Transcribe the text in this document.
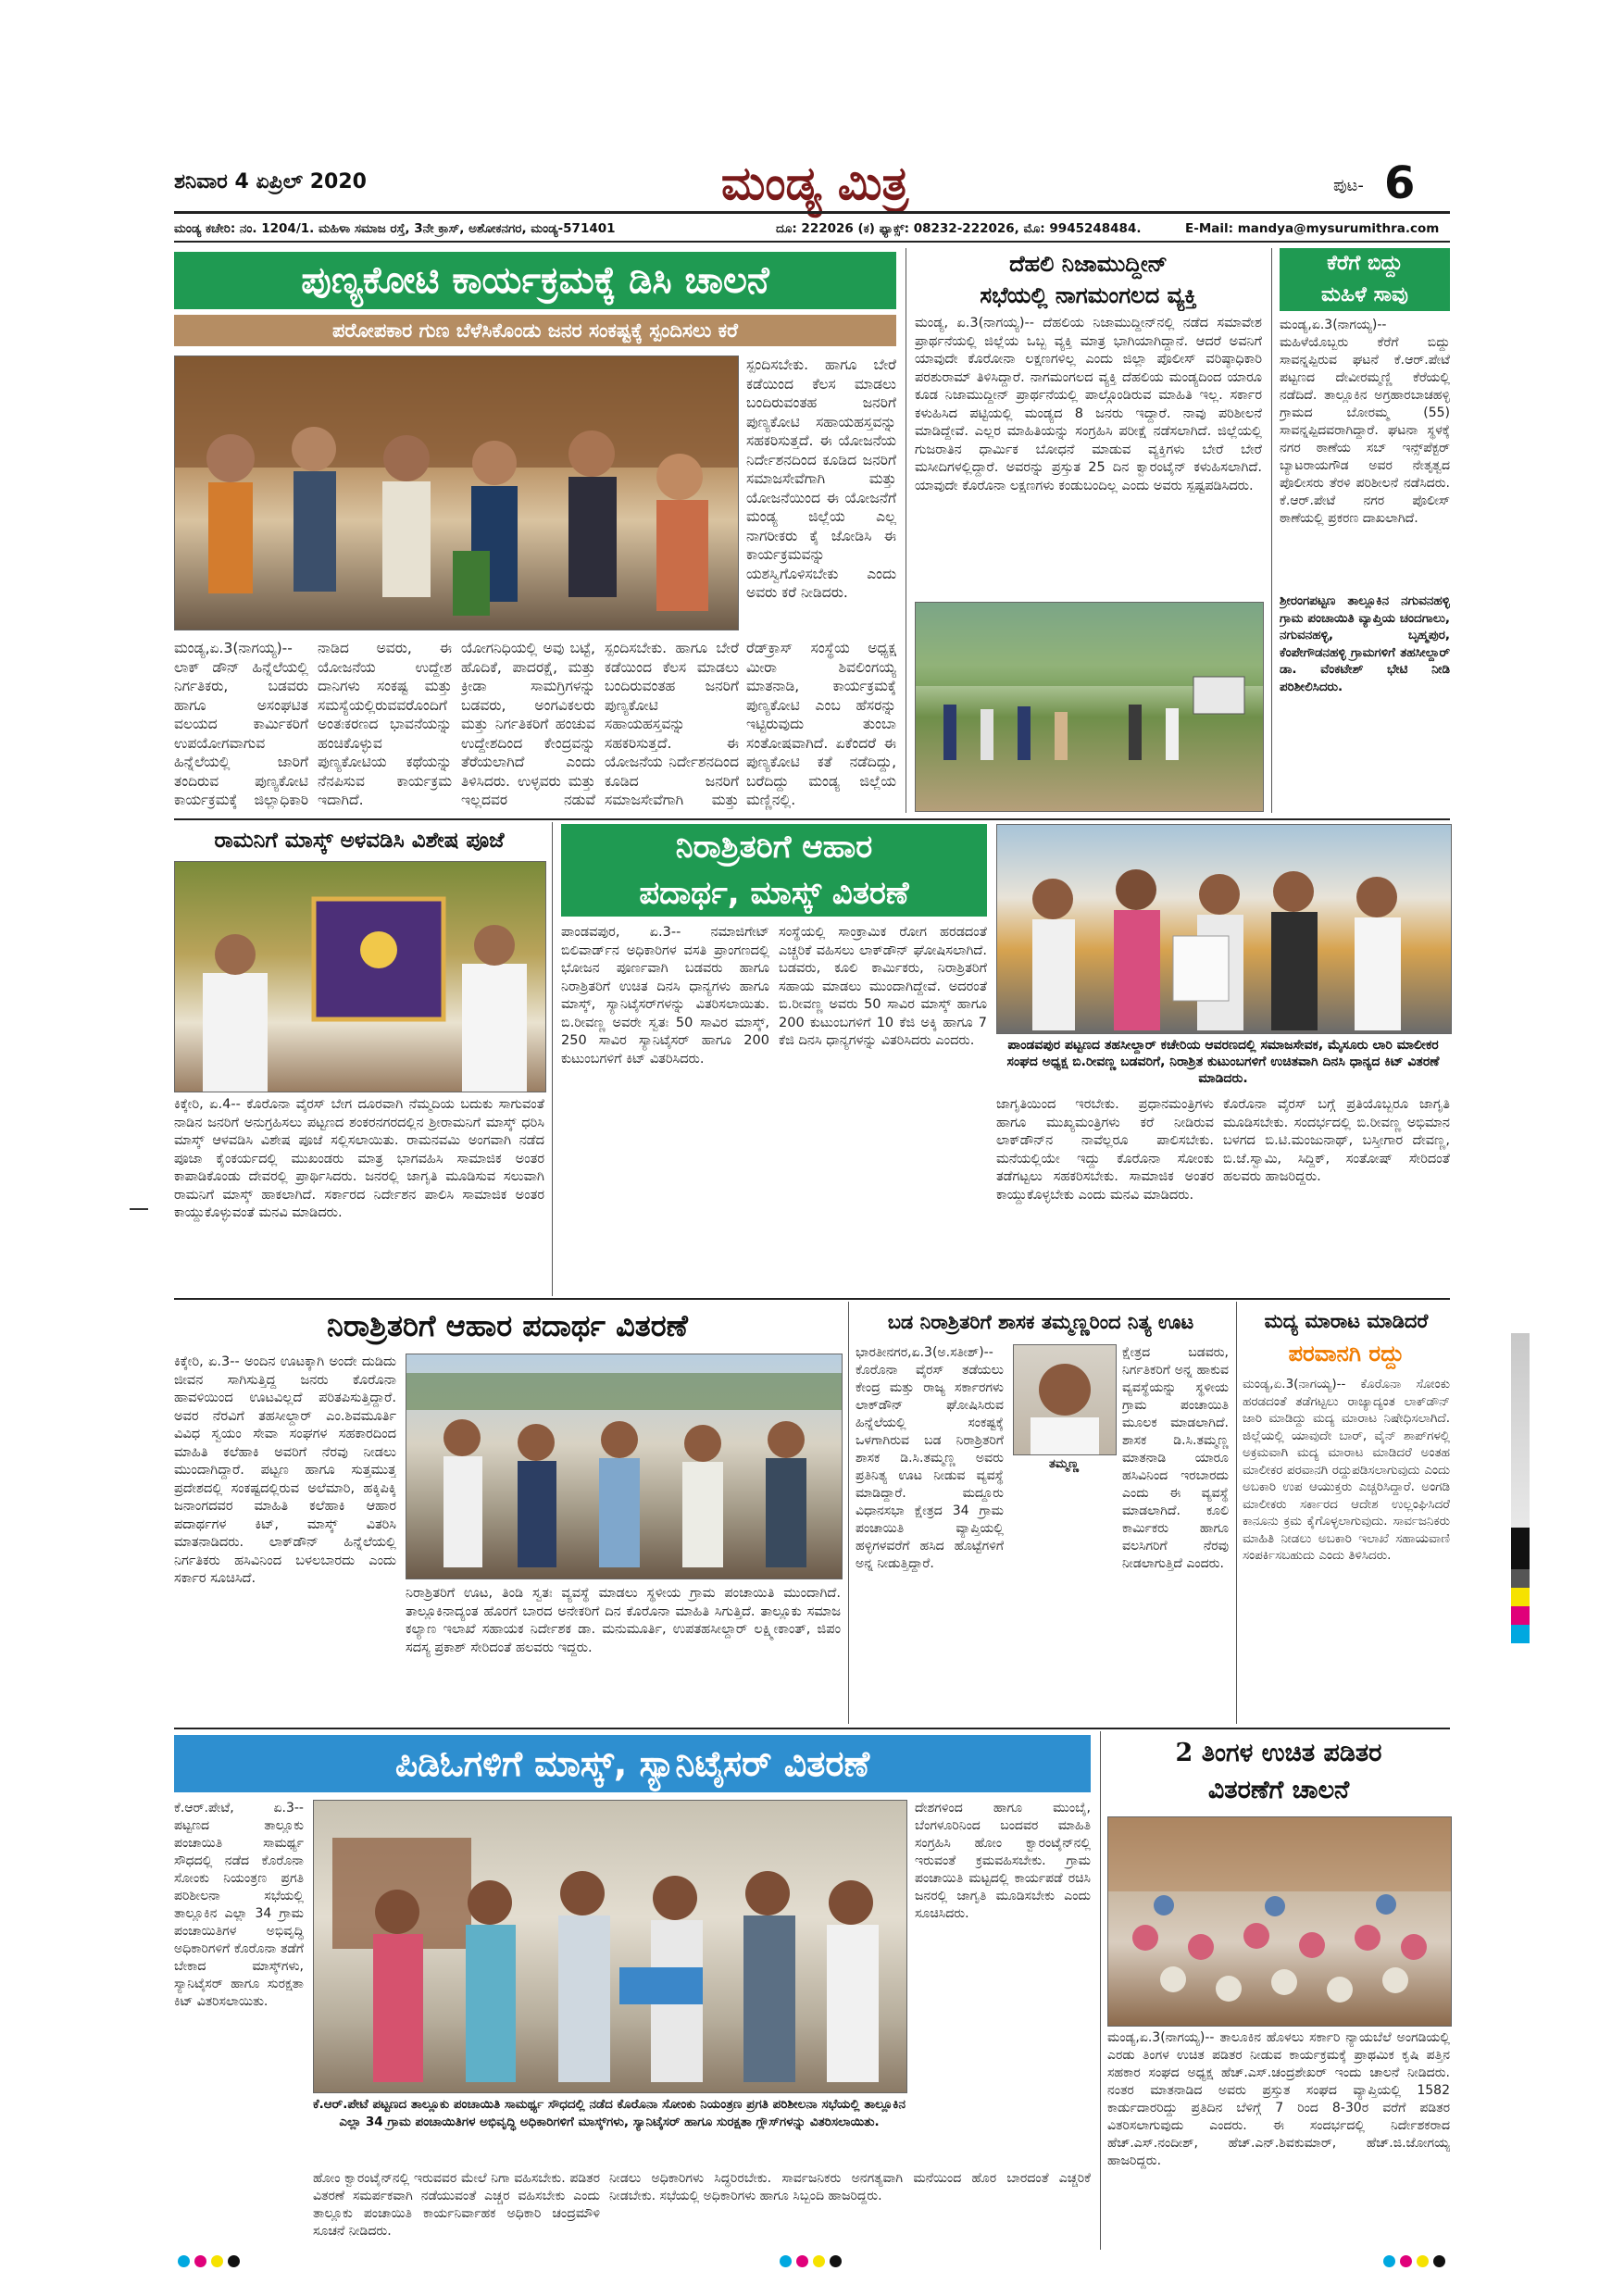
ಶನಿವಾರ 4 ಏಪ್ರಿಲ್ 2020	ಮಂಡ್ಯ ಮಿತ್ರ	ಪುಟ- 6
ಮಂಡ್ಯ ಕಚೇರಿ: ನಂ. 1204/1. ಮಹಿಳಾ ಸಮಾಜ ರಸ್ತೆ, 3ನೇ ಕ್ರಾಸ್, ಅಶೋಕನಗರ, ಮಂಡ್ಯ-571401	ದೂ: 222026 (ಕ) ಫ್ಯಾಕ್ಸ್: 08232-222026, ಮೊ: 9945248484.	E-Mail: mandya@mysurumithra.com
ಪುಣ್ಯಕೋಟಿ ಕಾರ್ಯಕ್ರಮಕ್ಕೆ ಡಿಸಿ ಚಾಲನೆ
ಪರೋಪಕಾರ ಗುಣ ಬೆಳೆಸಿಕೊಂಡು ಜನರ ಸಂಕಷ್ಟಕ್ಕೆ ಸ್ಪಂದಿಸಲು ಕರೆ
ಸ್ಪಂದಿಸಬೇಕು. ಹಾಗೂ ಬೇರೆ ಕಡೆಯಿಂದ ಕೆಲಸ ಮಾಡಲು ಬಂದಿರುವಂತಹ ಜನರಿಗೆ ಪುಣ್ಯಕೋಟಿ ಸಹಾಯಹಸ್ತವನ್ನು ಸಹಕರಿಸುತ್ತದೆ. ಈ ಯೋಜನೆಯ ನಿರ್ದೇಶನದಿಂದ ಕೂಡಿದ ಜನರಿಗೆ ಸಮಾಜಸೇವೆಗಾಗಿ ಮತ್ತು ಯೋಜನೆಯಿಂದ ಈ ಯೋಜನೆಗೆ ಮಂಡ್ಯ ಜಿಲ್ಲೆಯ ಎಲ್ಲ ನಾಗರೀಕರು ಕೈ ಜೋಡಿಸಿ ಈ ಕಾರ್ಯಕ್ರಮವನ್ನು ಯಶಸ್ವಿಗೊಳಿಸಬೇಕು ಎಂದು ಅವರು ಕರೆ ನೀಡಿದರು.
ಮಂಡ್ಯ,ಏ.3(ನಾಗಯ್ಯ)--ಲಾಕ್ ಡೌನ್ ಹಿನ್ನೆಲೆಯಲ್ಲಿ ನಿರ್ಗತಿಕರು, ಬಡವರು ಹಾಗೂ ಅಸಂಘಟಿತ ವಲಯದ ಕಾರ್ಮಿಕರಿಗೆ ಉಪಯೋಗವಾಗುವ ಹಿನ್ನೆಲೆಯಲ್ಲಿ ಜಾರಿಗೆ ತಂದಿರುವ ಪುಣ್ಯಕೋಟಿ ಕಾರ್ಯಕ್ರಮಕ್ಕೆ ಜಿಲ್ಲಾಧಿಕಾರಿ
ನಾಡಿದ ಅವರು, ಈ ಯೋಜನೆಯ ಉದ್ದೇಶ ದಾನಿಗಳು ಸಂಕಷ್ಟ ಮತ್ತು ಸಮಸ್ಯೆಯಲ್ಲಿರುವವರೊಂದಿಗೆ ಅಂತಃಕರಣದ ಭಾವನೆಯನ್ನು ಹಂಚಿಕೊಳ್ಳುವ ಪುಣ್ಯಕೋಟಿಯ ಕಥೆಯನ್ನು ನೆನಪಿಸುವ ಕಾರ್ಯಕ್ರಮ ಇದಾಗಿದೆ.
ಯೋಗನಿಧಿಯಲ್ಲಿ ಅವು ಬಟ್ಟೆ, ಹೊದಿಕೆ, ಪಾದರಕ್ಷೆ, ಮತ್ತು ಕ್ರೀಡಾ ಸಾಮಗ್ರಿಗಳನ್ನು ಬಡವರು, ಅಂಗವಿಕಲರು ಮತ್ತು ನಿರ್ಗತಿಕರಿಗೆ ಹಂಚುವ ಉದ್ದೇಶದಿಂದ ಕೇಂದ್ರವನ್ನು ತೆರೆಯಲಾಗಿದೆ ಎಂದು ತಿಳಿಸಿದರು. ಉಳ್ಳವರು ಮತ್ತು ಇಲ್ಲದವರ ನಡುವೆ
ರೆಡ್‌ಕ್ರಾಸ್ ಸಂಸ್ಥೆಯ ಅಧ್ಯಕ್ಷ ಮೀರಾ ಶಿವಲಿಂಗಯ್ಯ ಮಾತನಾಡಿ, ಕಾರ್ಯಕ್ರಮಕ್ಕೆ ಪುಣ್ಯಕೋಟಿ ಎಂಬ ಹೆಸರನ್ನು ಇಟ್ಟಿರುವುದು ತುಂಬಾ ಸಂತೋಷವಾಗಿದೆ. ಏಕೆಂದರೆ ಈ ಪುಣ್ಯಕೋಟಿ ಕತೆ ನಡೆದಿದ್ದು, ಬರೆದಿದ್ದು ಮಂಡ್ಯ ಜಿಲ್ಲೆಯ ಮಣ್ಣಿನಲ್ಲಿ.
ಸ್ಪಂದಿಸಬೇಕು. ಹಾಗೂ ಬೇರೆ ಕಡೆಯಿಂದ ಕೆಲಸ ಮಾಡಲು ಬಂದಿರುವಂತಹ ಜನರಿಗೆ ಪುಣ್ಯಕೋಟಿ ಸಹಾಯಹಸ್ತವನ್ನು ಸಹಕರಿಸುತ್ತದೆ. ಈ ಯೋಜನೆಯ ನಿರ್ದೇಶನದಿಂದ ಕೂಡಿದ ಜನರಿಗೆ ಸಮಾಜಸೇವೆಗಾಗಿ ಮತ್ತು
ದೆಹಲಿ ನಿಜಾಮುದ್ದೀನ್
ಸಭೆಯಲ್ಲಿ ನಾಗಮಂಗಲದ ವ್ಯಕ್ತಿ
ಮಂಡ್ಯ, ಏ.3(ನಾಗಯ್ಯ)-- ದೆಹಲಿಯ ನಿಜಾಮುದ್ದೀನ್‌ನಲ್ಲಿ ನಡೆದ ಸಮಾವೇಶ ಪ್ರಾರ್ಥನೆಯಲ್ಲಿ ಜಿಲ್ಲೆಯ ಒಬ್ಬ ವ್ಯಕ್ತಿ ಮಾತ್ರ ಭಾಗಿಯಾಗಿದ್ದಾನೆ. ಆದರೆ ಅವನಿಗೆ ಯಾವುದೇ ಕೊರೋನಾ ಲಕ್ಷಣಗಳಿಲ್ಲ ಎಂದು ಜಿಲ್ಲಾ ಪೊಲೀಸ್ ವರಿಷ್ಠಾಧಿಕಾರಿ ಪರಶುರಾಮ್ ತಿಳಿಸಿದ್ದಾರೆ. ನಾಗಮಂಗಲದ ವ್ಯಕ್ತಿ ದೆಹಲಿಯ ಮಂಡ್ಯದಿಂದ ಯಾರೂ ಕೂಡ ನಿಜಾಮುದ್ದೀನ್ ಪ್ರಾರ್ಥನೆಯಲ್ಲಿ ಪಾಲ್ಗೊಂಡಿರುವ ಮಾಹಿತಿ ಇಲ್ಲ. ಸರ್ಕಾರ ಕಳುಹಿಸಿದ ಪಟ್ಟಿಯಲ್ಲಿ ಮಂಡ್ಯದ 8 ಜನರು ಇದ್ದಾರೆ. ನಾವು ಪರಿಶೀಲನೆ ಮಾಡಿದ್ದೇವೆ. ಎಲ್ಲರ ಮಾಹಿತಿಯನ್ನು ಸಂಗ್ರಹಿಸಿ ಪರೀಕ್ಷೆ ನಡೆಸಲಾಗಿದೆ. ಜಿಲ್ಲೆಯಲ್ಲಿ ಗುಜರಾತಿನ ಧಾರ್ಮಿಕ ಬೋಧನೆ ಮಾಡುವ ವ್ಯಕ್ತಿಗಳು ಬೇರೆ ಬೇರೆ ಮಸೀದಿಗಳಲ್ಲಿದ್ದಾರೆ. ಅವರನ್ನು ಪ್ರಸ್ತುತ 25 ದಿನ ಕ್ವಾರಂಟೈನ್ ಕಳುಹಿಸಲಾಗಿದೆ. ಯಾವುದೇ ಕೊರೊನಾ ಲಕ್ಷಣಗಳು ಕಂಡುಬಂದಿಲ್ಲ ಎಂದು ಅವರು ಸ್ಪಷ್ಟಪಡಿಸಿದರು.
ಕೆರೆಗೆ ಬಿದ್ದು
ಮಹಿಳೆ ಸಾವು
ಮಂಡ್ಯ,ಏ.3(ನಾಗಯ್ಯ)-- ಮಹಿಳೆಯೊಬ್ಬರು ಕೆರೆಗೆ ಬಿದ್ದು ಸಾವನ್ನಪ್ಪಿರುವ ಘಟನೆ ಕೆ.ಆರ್.ಪೇಟೆ ಪಟ್ಟಣದ ದೇವೀರಮ್ಮಣ್ಣಿ ಕೆರೆಯಲ್ಲಿ ನಡೆದಿದೆ. ತಾಲ್ಲೂಕಿನ ಅಗ್ರಹಾರಬಾಚಹಳ್ಳಿ ಗ್ರಾಮದ ಬೋರಮ್ಮ (55) ಸಾವನ್ನಪ್ಪಿದವರಾಗಿದ್ದಾರೆ. ಘಟನಾ ಸ್ಥಳಕ್ಕೆ ನಗರ ಠಾಣೆಯ ಸಬ್ ಇನ್ಸ್‌ಪೆಕ್ಟರ್ ಬ್ಯಾಟರಾಯಗೌಡ ಅವರ ನೇತೃತ್ವದ ಪೊಲೀಸರು ತೆರಳಿ ಪರಿಶೀಲನೆ ನಡೆಸಿದರು. ಕೆ.ಆರ್.ಪೇಟೆ ನಗರ ಪೊಲೀಸ್ ಠಾಣೆಯಲ್ಲಿ ಪ್ರಕರಣ ದಾಖಲಾಗಿದೆ.
ಶ್ರೀರಂಗಪಟ್ಟಣ ತಾಲ್ಲೂಕಿನ ನಗುವನಹಳ್ಳಿ ಗ್ರಾಮ ಪಂಚಾಯಿತಿ ವ್ಯಾಪ್ತಿಯ ಚಂದಗಾಲು, ನಗುವನಹಳ್ಳಿ, ಬೃಹ್ಮಪುರ, ಕೆಂಪೇಗೌಡನಹಳ್ಳಿ ಗ್ರಾಮಗಳಿಗೆ ತಹಸೀಲ್ದಾರ್ ಡಾ. ವೆಂಕಟೇಶ್ ಭೇಟಿ ನೀಡಿ ಪರಿಶೀಲಿಸಿದರು.
ರಾಮನಿಗೆ ಮಾಸ್ಕ್ ಅಳವಡಿಸಿ ವಿಶೇಷ ಪೂಜೆ
ಕಿಕ್ಕೇರಿ, ಏ.4-- ಕೊರೊನಾ ವೈರಸ್ ಬೇಗ ದೂರವಾಗಿ ನೆಮ್ಮದಿಯ ಬದುಕು ಸಾಗುವಂತೆ ನಾಡಿನ ಜನರಿಗೆ ಅನುಗ್ರಹಿಸಲು ಪಟ್ಟಣದ ಶಂಕರನಗರದಲ್ಲಿನ ಶ್ರೀರಾಮನಿಗೆ ಮಾಸ್ಕ್ ಧರಿಸಿ ಮಾಸ್ಕ್ ಆಳವಡಿಸಿ ವಿಶೇಷ ಪೂಜೆ ಸಲ್ಲಿಸಲಾಯಿತು. ರಾಮನವಮಿ ಅಂಗವಾಗಿ ನಡೆದ ಪೂಜಾ ಕೈಂಕರ್ಯದಲ್ಲಿ ಮುಖಂಡರು ಮಾತ್ರ ಭಾಗವಹಿಸಿ ಸಾಮಾಜಿಕ ಅಂತರ ಕಾಪಾಡಿಕೊಂಡು ದೇವರಲ್ಲಿ ಪ್ರಾರ್ಥಿಸಿದರು. ಜನರಲ್ಲಿ ಜಾಗೃತಿ ಮೂಡಿಸುವ ಸಲುವಾಗಿ ರಾಮನಿಗೆ ಮಾಸ್ಕ್ ಹಾಕಲಾಗಿದೆ. ಸರ್ಕಾರದ ನಿರ್ದೇಶನ ಪಾಲಿಸಿ ಸಾಮಾಜಿಕ ಅಂತರ ಕಾಯ್ದುಕೊಳ್ಳುವಂತೆ ಮನವಿ ಮಾಡಿದರು.
ನಿರಾಶ್ರಿತರಿಗೆ ಆಹಾರ
ಪದಾರ್ಥ, ಮಾಸ್ಕ್ ವಿತರಣೆ
ಪಾಂಡವಪುರ, ಏ.3-- ನಮಾಜಿಗೇಟ್ ಬಿಲಿವಾರ್ಡ್‌ನ ಅಧಿಕಾರಿಗಳ ವಸತಿ ಪ್ರಾಂಗಣದಲ್ಲಿ ಭೋಜನ ಪೂರ್ಣವಾಗಿ ಬಡವರು ಹಾಗೂ ನಿರಾಶ್ರಿತರಿಗೆ ಉಚಿತ ದಿನಸಿ ಧಾನ್ಯಗಳು ಹಾಗೂ ಮಾಸ್ಕ್, ಸ್ಯಾನಿಟೈಸರ್‌ಗಳನ್ನು ವಿತರಿಸಲಾಯಿತು. ಬಿ.ರೀವಣ್ಣ ಅವರೇ ಸ್ವತಃ 50 ಸಾವಿರ ಮಾಸ್ಕ್, 250 ಸಾವಿರ ಸ್ಯಾನಿಟೈಸರ್ ಹಾಗೂ 200 ಕುಟುಂಬಗಳಿಗೆ ಕಿಟ್ ವಿತರಿಸಿದರು.
ಸಂಸ್ಥೆಯಲ್ಲಿ ಸಾಂಕ್ರಾಮಿಕ ರೋಗ ಹರಡದಂತೆ ಎಚ್ಚರಿಕೆ ವಹಿಸಲು ಲಾಕ್‌ಡೌನ್ ಘೋಷಿಸಲಾಗಿದೆ. ಬಡವರು, ಕೂಲಿ ಕಾರ್ಮಿಕರು, ನಿರಾಶ್ರಿತರಿಗೆ ಸಹಾಯ ಮಾಡಲು ಮುಂದಾಗಿದ್ದೇವೆ. ಅದರಂತೆ ಬಿ.ರೀವಣ್ಣ ಅವರು 50 ಸಾವಿರ ಮಾಸ್ಕ್ ಹಾಗೂ 200 ಕುಟುಂಬಗಳಿಗೆ 10 ಕೆಜಿ ಅಕ್ಕಿ ಹಾಗೂ 7 ಕೆಜಿ ದಿನಸಿ ಧಾನ್ಯಗಳನ್ನು ವಿತರಿಸಿದರು ಎಂದರು.	ಪಾಂಡವಪುರ ಪಟ್ಟಣದ ತಹಸೀಲ್ದಾರ್ ಕಚೇರಿಯ ಆವರಣದಲ್ಲಿ ಸಮಾಜಸೇವಕ, ಮೈಸೂರು ಲಾರಿ ಮಾಲೀಕರ ಸಂಘದ ಅಧ್ಯಕ್ಷ ಬಿ.ರೀವಣ್ಣ ಬಡವರಿಗೆ, ನಿರಾಶ್ರಿತ ಕುಟುಂಬಗಳಿಗೆ ಉಚಿತವಾಗಿ ದಿನಸಿ ಧಾನ್ಯದ ಕಿಟ್ ವಿತರಣೆ ಮಾಡಿದರು.
ಜಾಗೃತಿಯಿಂದ ಇರಬೇಕು. ಪ್ರಧಾನಮಂತ್ರಿಗಳು ಹಾಗೂ ಮುಖ್ಯಮಂತ್ರಿಗಳು ಕರೆ ನೀಡಿರುವ ಲಾಕ್‌ಡೌನ್‌ನ ನಾವೆಲ್ಲರೂ ಪಾಲಿಸಬೇಕು. ಮನೆಯಲ್ಲಿಯೇ ಇದ್ದು ಕೊರೊನಾ ಸೋಂಕು ತಡೆಗಟ್ಟಲು ಸಹಕರಿಸಬೇಕು. ಸಾಮಾಜಿಕ ಅಂತರ ಕಾಯ್ದುಕೊಳ್ಳಬೇಕು ಎಂದು ಮನವಿ ಮಾಡಿದರು.
ಕೊರೊನಾ ವೈರಸ್ ಬಗ್ಗೆ ಪ್ರತಿಯೊಬ್ಬರೂ ಜಾಗೃತಿ ಮೂಡಿಸಬೇಕು. ಸಂದರ್ಭದಲ್ಲಿ ಬಿ.ರೀವಣ್ಣ ಅಭಿಮಾನ ಬಳಗದ ಬಿ.ಟಿ.ಮಂಜುನಾಥ್, ಬಸ್ತೀಗಾರ ದೇವಣ್ಣ, ಬಿ.ಜೆ.ಸ್ವಾಮಿ, ಸಿದ್ದಿಕ್, ಸಂತೋಷ್ ಸೇರಿದಂತೆ ಹಲವರು ಹಾಜರಿದ್ದರು.
ನಿರಾಶ್ರಿತರಿಗೆ ಆಹಾರ ಪದಾರ್ಥ ವಿತರಣೆ
ಕಿಕ್ಕೇರಿ, ಏ.3-- ಅಂದಿನ ಊಟಕ್ಕಾಗಿ ಅಂದೇ ದುಡಿದು ಜೀವನ ಸಾಗಿಸುತ್ತಿದ್ದ ಜನರು ಕೊರೊನಾ ಹಾವಳಿಯಿಂದ ಊಟವಿಲ್ಲದೆ ಪರಿತಪಿಸುತ್ತಿದ್ದಾರೆ. ಅವರ ನೆರವಿಗೆ ತಹಸೀಲ್ದಾರ್ ಎಂ.ಶಿವಮೂರ್ತಿ ವಿವಿಧ ಸ್ವಯಂ ಸೇವಾ ಸಂಘಗಳ ಸಹಕಾರದಿಂದ ಮಾಹಿತಿ ಕಲೆಹಾಕಿ ಅವರಿಗೆ ನೆರವು ನೀಡಲು ಮುಂದಾಗಿದ್ದಾರೆ. ಪಟ್ಟಣ ಹಾಗೂ ಸುತ್ತಮುತ್ತ ಪ್ರದೇಶದಲ್ಲಿ ಸಂಕಷ್ಟದಲ್ಲಿರುವ ಅಲೆಮಾರಿ, ಹಕ್ಕಿಪಿಕ್ಕಿ ಜನಾಂಗದವರ ಮಾಹಿತಿ ಕಲೆಹಾಕಿ ಆಹಾರ ಪದಾರ್ಥಗಳ ಕಿಟ್, ಮಾಸ್ಕ್ ವಿತರಿಸಿ ಮಾತನಾಡಿದರು. ಲಾಕ್‌ಡೌನ್ ಹಿನ್ನೆಲೆಯಲ್ಲಿ ನಿರ್ಗತಿಕರು ಹಸಿವಿನಿಂದ ಬಳಲಬಾರದು ಎಂದು ಸರ್ಕಾರ ಸೂಚಿಸಿದೆ.
ನಿರಾಶ್ರಿತರಿಗೆ ಊಟ, ತಿಂಡಿ ಸ್ವತಃ ವ್ಯವಸ್ಥೆ ಮಾಡಲು ಸ್ಥಳೀಯ ಗ್ರಾಮ ಪಂಚಾಯಿತಿ ಮುಂದಾಗಿದೆ. ತಾಲ್ಲೂಕಿನಾದ್ಯಂತ ಹೊರಗೆ ಬಾರದ ಅನೇಕರಿಗೆ ದಿನ ಕೊರೊನಾ ಮಾಹಿತಿ ಸಿಗುತ್ತಿದೆ. ತಾಲ್ಲೂಕು ಸಮಾಜ ಕಲ್ಯಾಣ ಇಲಾಖೆ ಸಹಾಯಕ ನಿರ್ದೇಶಕ ಡಾ. ಮನುಮೂರ್ತಿ, ಉಪತಹಸೀಲ್ದಾರ್ ಲಕ್ಷ್ಮೀಕಾಂತ್, ಜಿಪಂ ಸದಸ್ಯ ಪ್ರಕಾಶ್ ಸೇರಿದಂತೆ ಹಲವರು ಇದ್ದರು.
ಬಡ ನಿರಾಶ್ರಿತರಿಗೆ ಶಾಸಕ ತಮ್ಮಣ್ಣರಿಂದ ನಿತ್ಯ ಊಟ
ಭಾರತೀನಗರ,ಏ.3(ಅ.ಸತೀಶ್)-- ಕೊರೊನಾ ವೈರಸ್ ತಡೆಯಲು ಕೇಂದ್ರ ಮತ್ತು ರಾಜ್ಯ ಸರ್ಕಾರಗಳು ಲಾಕ್‌ಡೌನ್ ಘೋಷಿಸಿರುವ ಹಿನ್ನೆಲೆಯಲ್ಲಿ ಸಂಕಷ್ಟಕ್ಕೆ ಒಳಗಾಗಿರುವ ಬಡ ನಿರಾಶ್ರಿತರಿಗೆ ಶಾಸಕ ಡಿ.ಸಿ.ತಮ್ಮಣ್ಣ ಅವರು ಪ್ರತಿನಿತ್ಯ ಊಟ ನೀಡುವ ವ್ಯವಸ್ಥೆ ಮಾಡಿದ್ದಾರೆ. ಮದ್ದೂರು ವಿಧಾನಸಭಾ ಕ್ಷೇತ್ರದ 34 ಗ್ರಾಮ ಪಂಚಾಯಿತಿ ವ್ಯಾಪ್ತಿಯಲ್ಲಿ ಹಳ್ಳಿಗಳವರೆಗೆ ಹಸಿದ ಹೊಟ್ಟೆಗಳಿಗೆ ಅನ್ನ ನೀಡುತ್ತಿದ್ದಾರೆ.
ತಮ್ಮಣ್ಣ
ಕ್ಷೇತ್ರದ ಬಡವರು, ನಿರ್ಗತಿಕರಿಗೆ ಅನ್ನ ಹಾಕುವ ವ್ಯವಸ್ಥೆಯನ್ನು ಸ್ಥಳೀಯ ಗ್ರಾಮ ಪಂಚಾಯಿತಿ ಮೂಲಕ ಮಾಡಲಾಗಿದೆ. ಶಾಸಕ ಡಿ.ಸಿ.ತಮ್ಮಣ್ಣ ಮಾತನಾಡಿ ಯಾರೂ ಹಸಿವಿನಿಂದ ಇರಬಾರದು ಎಂದು ಈ ವ್ಯವಸ್ಥೆ ಮಾಡಲಾಗಿದೆ. ಕೂಲಿ ಕಾರ್ಮಿಕರು ಹಾಗೂ ವಲಸಿಗರಿಗೆ ನೆರವು ನೀಡಲಾಗುತ್ತಿದೆ ಎಂದರು.
ಮದ್ಯ ಮಾರಾಟ ಮಾಡಿದರೆ
ಪರವಾನಗಿ ರದ್ದು
ಮಂಡ್ಯ,ಏ.3(ನಾಗಯ್ಯ)-- ಕೊರೊನಾ ಸೋಂಕು ಹರಡದಂತೆ ತಡೆಗಟ್ಟಲು ರಾಜ್ಯಾದ್ಯಂತ ಲಾಕ್‌ಡೌನ್ ಜಾರಿ ಮಾಡಿದ್ದು ಮದ್ಯ ಮಾರಾಟ ನಿಷೇಧಿಸಲಾಗಿದೆ. ಜಿಲ್ಲೆಯಲ್ಲಿ ಯಾವುದೇ ಬಾರ್, ವೈನ್ ಶಾಪ್‌ಗಳಲ್ಲಿ ಅಕ್ರಮವಾಗಿ ಮದ್ಯ ಮಾರಾಟ ಮಾಡಿದರೆ ಅಂತಹ ಮಾಲೀಕರ ಪರವಾನಗಿ ರದ್ದುಪಡಿಸಲಾಗುವುದು ಎಂದು ಅಬಕಾರಿ ಉಪ ಆಯುಕ್ತರು ಎಚ್ಚರಿಸಿದ್ದಾರೆ. ಅಂಗಡಿ ಮಾಲೀಕರು ಸರ್ಕಾರದ ಆದೇಶ ಉಲ್ಲಂಘಿಸಿದರೆ ಕಾನೂನು ಕ್ರಮ ಕೈಗೊಳ್ಳಲಾಗುವುದು. ಸಾರ್ವಜನಿಕರು ಮಾಹಿತಿ ನೀಡಲು ಅಬಕಾರಿ ಇಲಾಖೆ ಸಹಾಯವಾಣಿ ಸಂಪರ್ಕಿಸಬಹುದು ಎಂದು ತಿಳಿಸಿದರು.
ಪಿಡಿಓಗಳಿಗೆ ಮಾಸ್ಕ್, ಸ್ಯಾನಿಟೈಸರ್ ವಿತರಣೆ
ಕೆ.ಆರ್.ಪೇಟೆ, ಏ.3-- ಪಟ್ಟಣದ ತಾಲ್ಲೂಕು ಪಂಚಾಯಿತಿ ಸಾಮರ್ಥ್ಯ ಸೌಧದಲ್ಲಿ ನಡೆದ ಕೊರೊನಾ ಸೋಂಕು ನಿಯಂತ್ರಣ ಪ್ರಗತಿ ಪರಿಶೀಲನಾ ಸಭೆಯಲ್ಲಿ ತಾಲ್ಲೂಕಿನ ಎಲ್ಲಾ 34 ಗ್ರಾಮ ಪಂಚಾಯಿತಿಗಳ ಅಭಿವೃದ್ಧಿ ಅಧಿಕಾರಿಗಳಿಗೆ ಕೊರೊನಾ ತಡೆಗೆ ಬೇಕಾದ ಮಾಸ್ಕ್‌ಗಳು, ಸ್ಯಾನಿಟೈಸರ್ ಹಾಗೂ ಸುರಕ್ಷತಾ ಕಿಟ್ ವಿತರಿಸಲಾಯಿತು.
ಕೆ.ಆರ್.ಪೇಟೆ ಪಟ್ಟಣದ ತಾಲ್ಲೂಕು ಪಂಚಾಯಿತಿ ಸಾಮರ್ಥ್ಯ ಸೌಧದಲ್ಲಿ ನಡೆದ ಕೊರೊನಾ ಸೋಂಕು ನಿಯಂತ್ರಣ ಪ್ರಗತಿ ಪರಿಶೀಲನಾ ಸಭೆಯಲ್ಲಿ ತಾಲ್ಲೂಕಿನ ಎಲ್ಲಾ 34 ಗ್ರಾಮ ಪಂಚಾಯಿತಿಗಳ ಅಭಿವೃದ್ಧಿ ಅಧಿಕಾರಿಗಳಿಗೆ ಮಾಸ್ಕ್‌ಗಳು, ಸ್ಯಾನಿಟೈಸರ್ ಹಾಗೂ ಸುರಕ್ಷತಾ ಗ್ಲೌಸ್‌ಗಳನ್ನು ವಿತರಿಸಲಾಯಿತು.
ದೇಶಗಳಿಂದ ಹಾಗೂ ಮುಂಬೈ, ಬೆಂಗಳೂರಿನಿಂದ ಬಂದವರ ಮಾಹಿತಿ ಸಂಗ್ರಹಿಸಿ ಹೋಂ ಕ್ವಾರಂಟೈನ್‌ನಲ್ಲಿ ಇರುವಂತೆ ಕ್ರಮವಹಿಸಬೇಕು. ಗ್ರಾಮ ಪಂಚಾಯಿತಿ ಮಟ್ಟದಲ್ಲಿ ಕಾರ್ಯಪಡೆ ರಚಿಸಿ ಜನರಲ್ಲಿ ಜಾಗೃತಿ ಮೂಡಿಸಬೇಕು ಎಂದು ಸೂಚಿಸಿದರು.
ಹೋಂ ಕ್ವಾರಂಟೈನ್‌ನಲ್ಲಿ ಇರುವವರ ಮೇಲೆ ನಿಗಾ ವಹಿಸಬೇಕು. ಪಡಿತರ ವಿತರಣೆ ಸಮರ್ಪಕವಾಗಿ ನಡೆಯುವಂತೆ ಎಚ್ಚರ ವಹಿಸಬೇಕು ಎಂದು ತಾಲ್ಲೂಕು ಪಂಚಾಯಿತಿ ಕಾರ್ಯನಿರ್ವಾಹಕ ಅಧಿಕಾರಿ ಚಂದ್ರಮೌಳಿ ಸೂಚನೆ ನೀಡಿದರು.
ನೀಡಲು ಅಧಿಕಾರಿಗಳು ಸಿದ್ಧರಿರಬೇಕು. ಸಾರ್ವಜನಿಕರು ಅನಗತ್ಯವಾಗಿ ಮನೆಯಿಂದ ಹೊರ ಬಾರದಂತೆ ಎಚ್ಚರಿಕೆ ನೀಡಬೇಕು. ಸಭೆಯಲ್ಲಿ ಅಧಿಕಾರಿಗಳು ಹಾಗೂ ಸಿಬ್ಬಂದಿ ಹಾಜರಿದ್ದರು.
2 ತಿಂಗಳ ಉಚಿತ ಪಡಿತರ
ವಿತರಣೆಗೆ ಚಾಲನೆ
ಮಂಡ್ಯ,ಏ.3(ನಾಗಯ್ಯ)-- ತಾಲೂಕಿನ ಹೊಳಲು ಸರ್ಕಾರಿ ನ್ಯಾಯಬೆಲೆ ಅಂಗಡಿಯಲ್ಲಿ ಎರಡು ತಿಂಗಳ ಉಚಿತ ಪಡಿತರ ನೀಡುವ ಕಾರ್ಯಕ್ರಮಕ್ಕೆ ಪ್ರಾಥಮಿಕ ಕೃಷಿ ಪತ್ತಿನ ಸಹಕಾರ ಸಂಘದ ಅಧ್ಯಕ್ಷ ಹೆಚ್.ಎಸ್.ಚಂದ್ರಶೇಖರ್ ಇಂದು ಚಾಲನೆ ನೀಡಿದರು. ನಂತರ ಮಾತನಾಡಿದ ಅವರು ಪ್ರಸ್ತುತ ಸಂಘದ ವ್ಯಾಪ್ತಿಯಲ್ಲಿ 1582 ಕಾರ್ಡುದಾರರಿದ್ದು ಪ್ರತಿದಿನ ಬೆಳಿಗ್ಗೆ 7 ರಿಂದ 8-30ರ ವರೆಗೆ ಪಡಿತರ ವಿತರಿಸಲಾಗುವುದು ಎಂದರು. ಈ ಸಂದರ್ಭದಲ್ಲಿ ನಿರ್ದೇಶಕರಾದ ಹೆಚ್.ಎಸ್.ನಂದೀಶ್, ಹೆಚ್.ಎನ್.ಶಿವಕುಮಾರ್, ಹೆಚ್.ಜಿ.ಜೋಗಯ್ಯ ಹಾಜರಿದ್ದರು.
